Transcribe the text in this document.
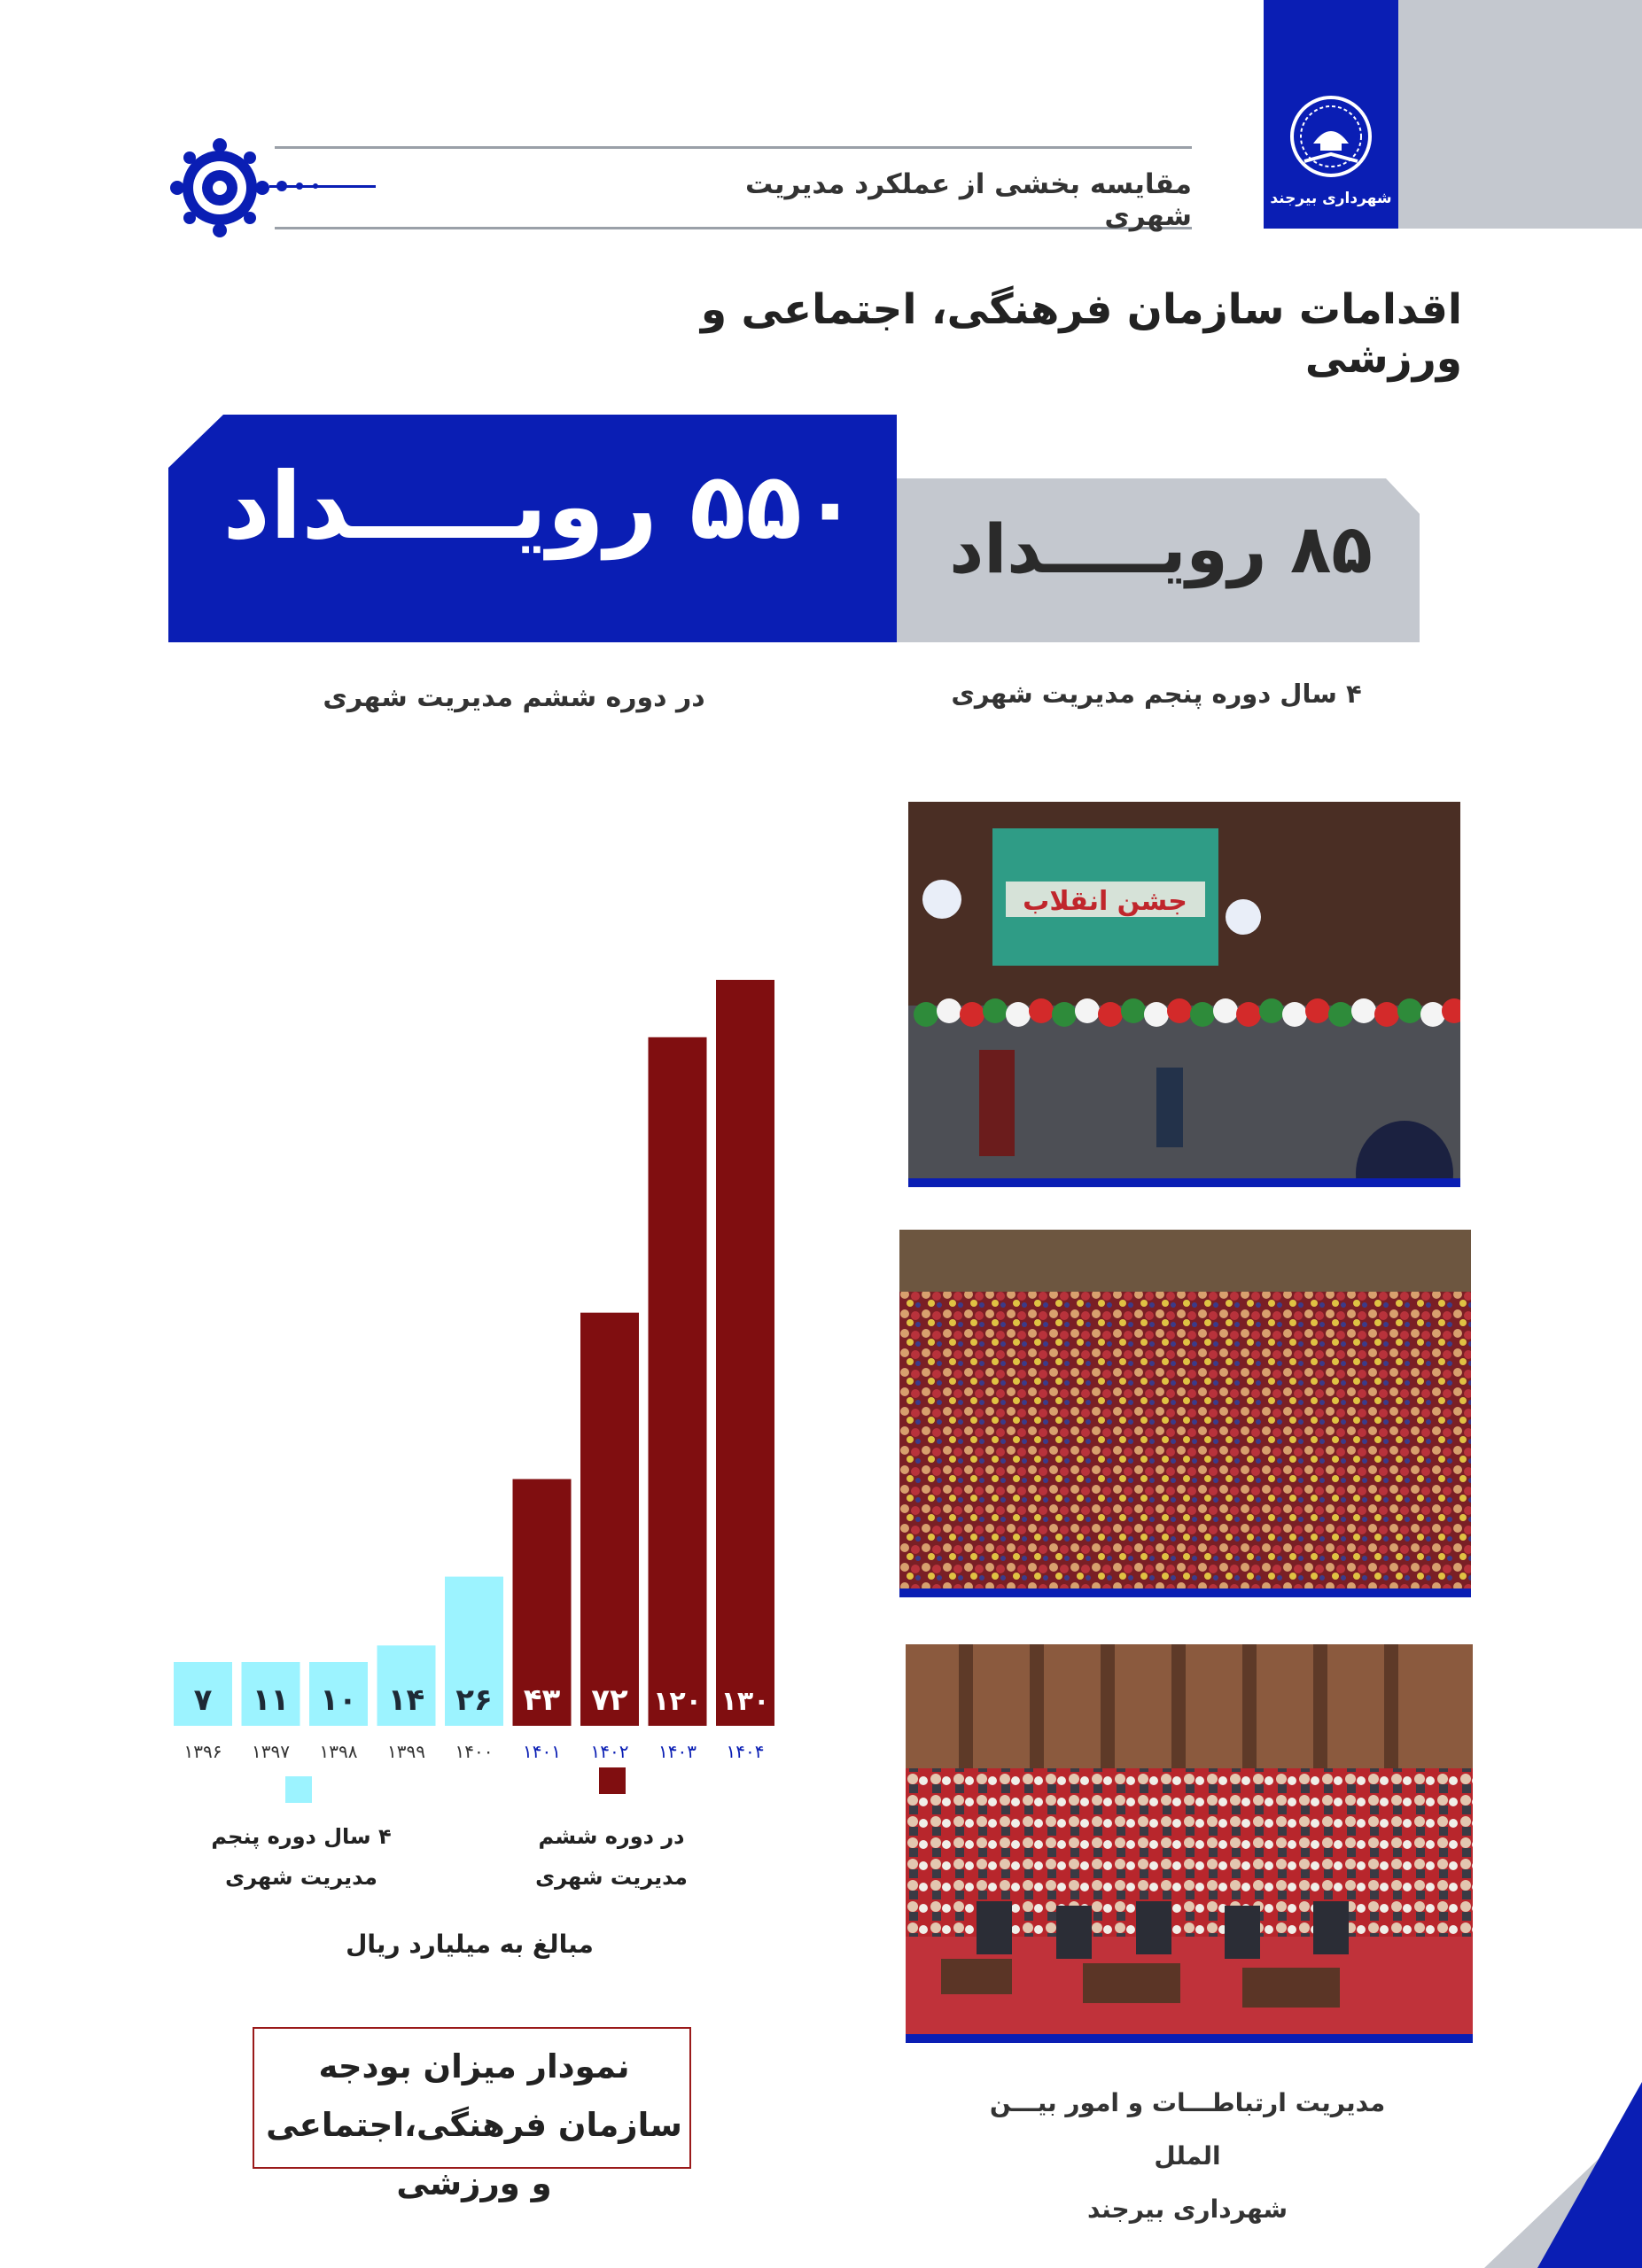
شهرداری بیرجند
مقایسه بخشی از عملکرد مدیریت شهری
اقدامات سازمان فرهنگی، اجتماعی و ورزشی
۸۵ رویـــــداد
۵۵۰ رویـــــداد
۴ سال دوره پنجم مدیریت شهری
در دوره ششم مدیریت شهری
جشن انقلاب
۷
۱۳۹۶
۱۱
۱۳۹۷
۱۰
۱۳۹۸
۱۴
۱۳۹۹
۲۶
۱۴۰۰
۴۳
۱۴۰۱
۷۲
۱۴۰۲
۱۲۰
۱۴۰۳
۱۳۰
۱۴۰۴
۴ سال دوره پنجم
مدیریت شهری
در دوره ششم
مدیریت شهری
مبالغ به میلیارد ریال
نمودار میزان بودجه سازمان فرهنگی،اجتماعی و ورزشی
مدیریت ارتباطـــات و امور بیـــن الملل
شهرداری بیرجند
